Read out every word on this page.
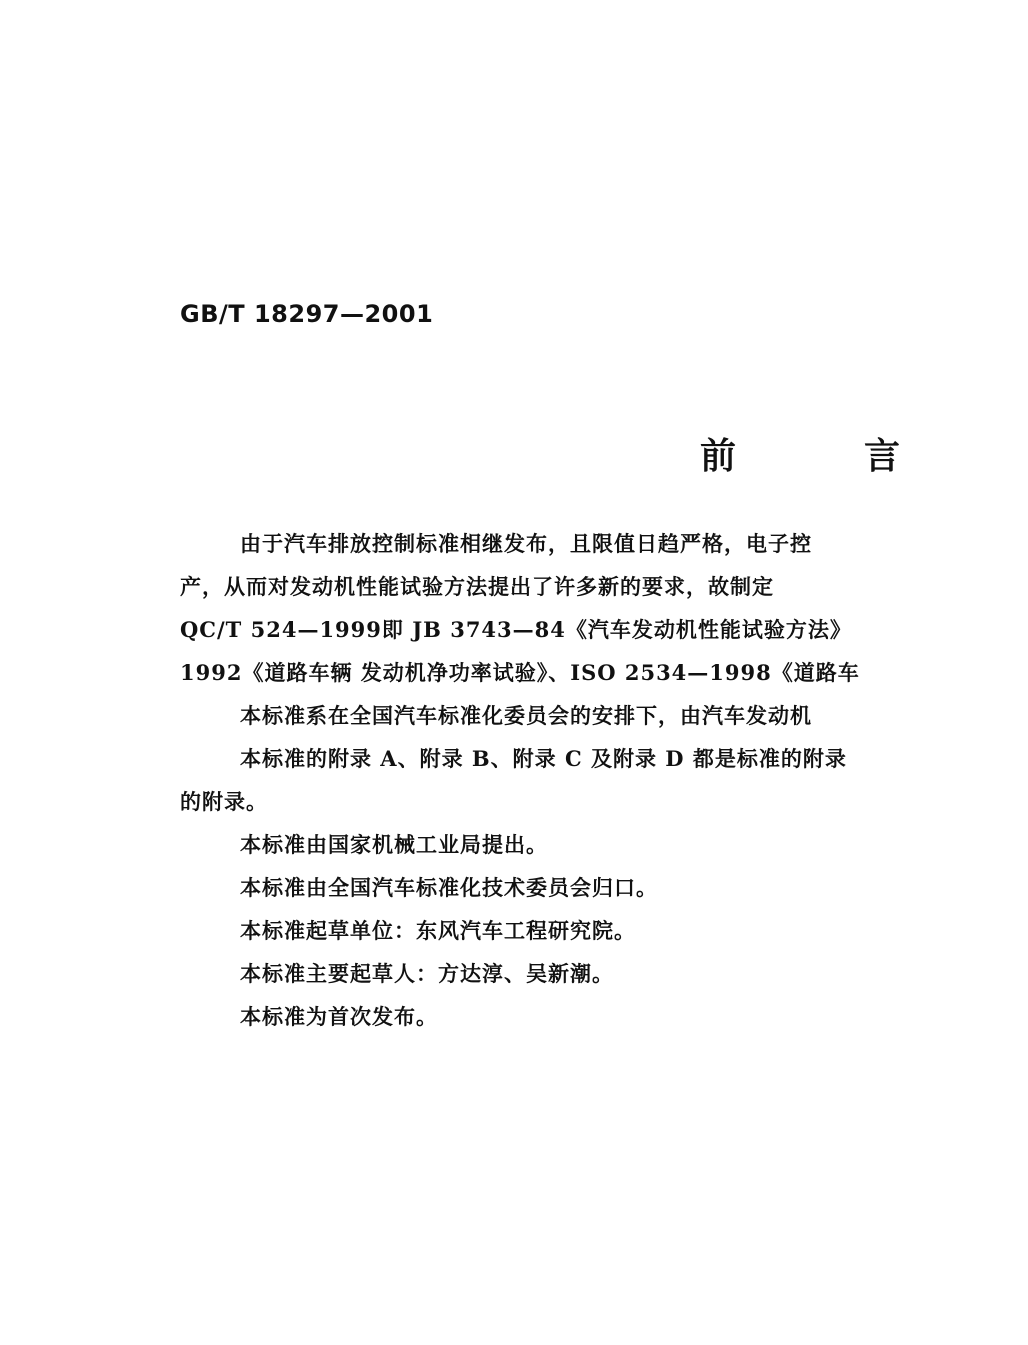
GB/T 18297—2001
前言
由于汽车排放控制标准相继发布，且限值日趋严格，电子控
产，从而对发动机性能试验方法提出了许多新的要求，故制定
QC/T 524—1999即 JB 3743—84《汽车发动机性能试验方法》
1992《道路车辆 发动机净功率试验》、ISO 2534—1998《道路车
本标准系在全国汽车标准化委员会的安排下，由汽车发动机
本标准的附录 A、附录 B、附录 C 及附录 D 都是标准的附录
的附录。
本标准由国家机械工业局提出。
本标准由全国汽车标准化技术委员会归口。
本标准起草单位：东风汽车工程研究院。
本标准主要起草人：方达淳、吴新潮。
本标准为首次发布。
